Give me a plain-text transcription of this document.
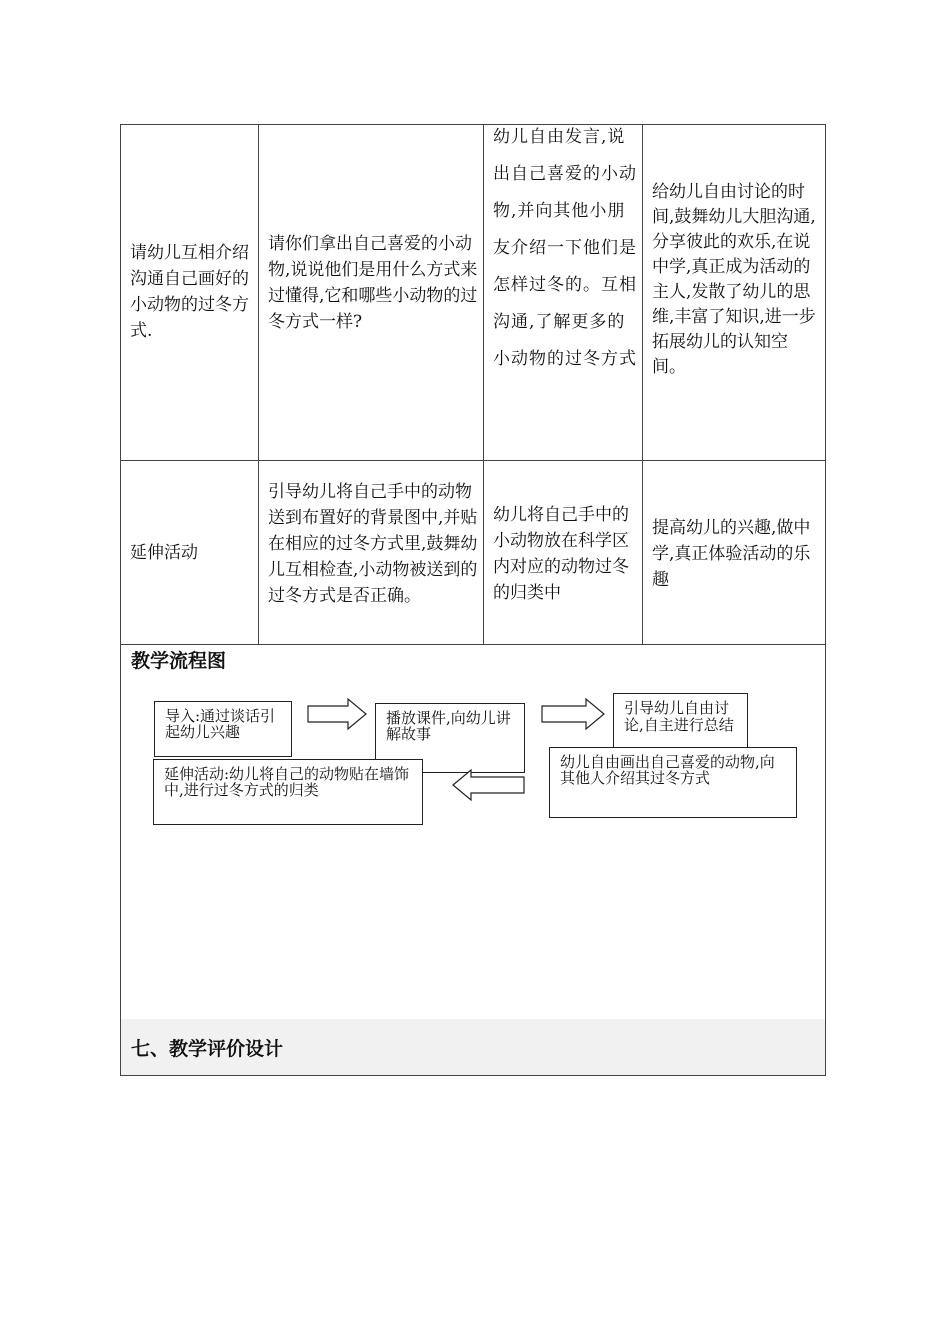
请幼儿互相介绍沟通自己画好的小动物的过冬方式.
请你们拿出自己喜爱的小动物,说说他们是用什么方式来过懂得,它和哪些小动物的过冬方式一样?
幼儿自由发言,说出自己喜爱的小动物,并向其他小朋友介绍一下他们是怎样过冬的。互相沟通,了解更多的小动物的过冬方式
给幼儿自由讨论的时间,鼓舞幼儿大胆沟通,分享彼此的欢乐,在说中学,真正成为活动的主人,发散了幼儿的思维,丰富了知识,进一步拓展幼儿的认知空间。
延伸活动
引导幼儿将自己手中的动物送到布置好的背景图中,并贴在相应的过冬方式里,鼓舞幼儿互相检查,小动物被送到的过冬方式是否正确。
幼儿将自己手中的小动物放在科学区内对应的动物过冬的归类中
提高幼儿的兴趣,做中学,真正体验活动的乐趣
教学流程图
导入:通过谈话引起幼儿兴趣
播放课件,向幼儿讲解故事
引导幼儿自由讨论,自主进行总结
幼儿自由画出自己喜爱的动物,向其他人介绍其过冬方式
延伸活动:幼儿将自己的动物贴在墙饰中,进行过冬方式的归类
七、教学评价设计
